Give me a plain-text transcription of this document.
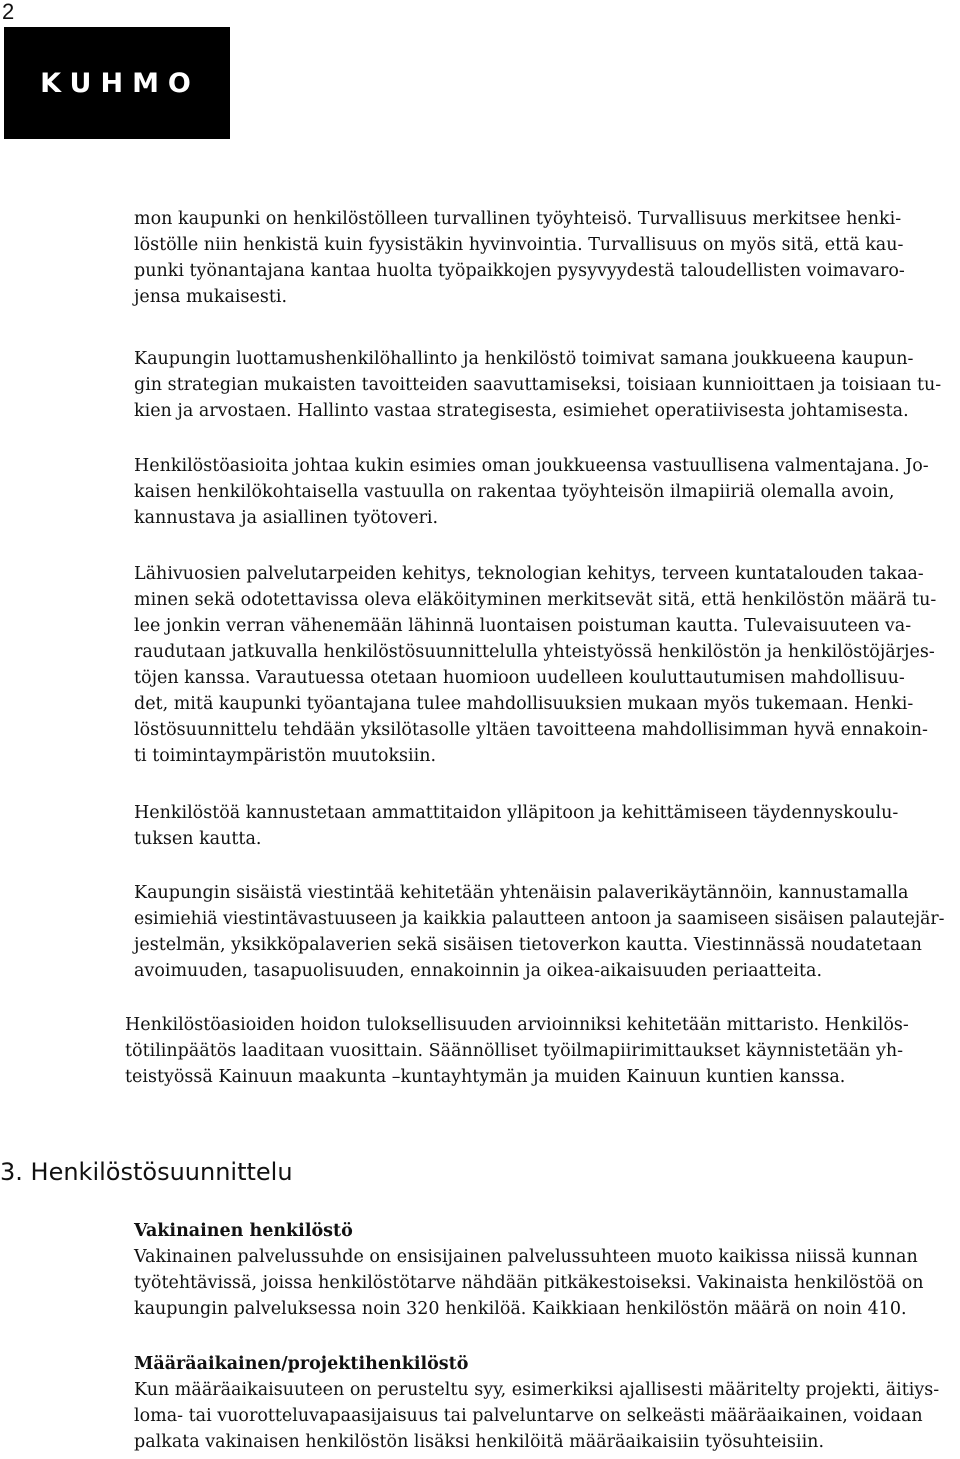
2
KUHMO

mon kaupunki on henkilöstölleen turvallinen työyhteisö. Turvallisuus merkitsee henki-
löstölle niin henkistä kuin fyysistäkin hyvinvointia. Turvallisuus on myös sitä, että kau-
punki työnantajana kantaa huolta työpaikkojen pysyvyydestä taloudellisten voimavaro-
jensa mukaisesti.

Kaupungin luottamushenkilöhallinto ja henkilöstö toimivat samana joukkueena kaupun-
gin strategian mukaisten tavoitteiden saavuttamiseksi, toisiaan kunnioittaen ja toisiaan tu-
kien ja arvostaen. Hallinto vastaa strategisesta, esimiehet operatiivisesta johtamisesta.

Henkilöstöasioita johtaa kukin esimies oman joukkueensa vastuullisena valmentajana. Jo-
kaisen henkilökohtaisella vastuulla on rakentaa työyhteisön ilmapiiriä olemalla avoin,
kannustava ja asiallinen työtoveri.

Lähivuosien palvelutarpeiden kehitys, teknologian kehitys, terveen kuntatalouden takaa-
minen sekä odotettavissa oleva eläköityminen merkitsevät sitä, että henkilöstön määrä tu-
lee jonkin verran vähenemään lähinnä luontaisen poistuman kautta. Tulevaisuuteen va-
raudutaan jatkuvalla henkilöstösuunnittelulla yhteistyössä henkilöstön ja henkilöstöjärjes-
töjen kanssa. Varautuessa otetaan huomioon uudelleen kouluttautumisen mahdollisuu-
det, mitä kaupunki työantajana tulee mahdollisuuksien mukaan myös tukemaan. Henki-
löstösuunnittelu tehdään yksilötasolle yltäen tavoitteena mahdollisimman hyvä ennakoin-
ti toimintaympäristön muutoksiin.

Henkilöstöä kannustetaan ammattitaidon ylläpitoon ja kehittämiseen täydennyskoulu-
tuksen kautta.

Kaupungin sisäistä viestintää kehitetään yhtenäisin palaverikäytännöin, kannustamalla
esimiehiä viestintävastuuseen ja kaikkia palautteen antoon ja saamiseen sisäisen palautejär-
jestelmän, yksikköpalaverien sekä sisäisen tietoverkon kautta. Viestinnässä noudatetaan
avoimuuden, tasapuolisuuden, ennakoinnin ja oikea-aikaisuuden periaatteita.

Henkilöstöasioiden hoidon tuloksellisuuden arvioinniksi kehitetään mittaristo. Henkilös-
tötilinpäätös laaditaan vuosittain. Säännölliset työilmapiirimittaukset käynnistetään yh-
teistyössä Kainuun maakunta –kuntayhtymän ja muiden Kainuun kuntien kanssa.

3. Henkilöstösuunnittelu

Vakinainen henkilöstö
Vakinainen palvelussuhde on ensisijainen palvelussuhteen muoto kaikissa niissä kunnan
työtehtävissä, joissa henkilöstötarve nähdään pitkäkestoiseksi. Vakinaista henkilöstöä on
kaupungin palveluksessa noin 320 henkilöä. Kaikkiaan henkilöstön määrä on noin 410.

Määräaikainen/projektihenkilöstö
Kun määräaikaisuuteen on perusteltu syy, esimerkiksi ajallisesti määritelty projekti, äitiys-
loma- tai vuorotteluvapaasijaisuus tai palveluntarve on selkeästi määräaikainen, voidaan
palkata vakinaisen henkilöstön lisäksi henkilöitä määräaikaisiin työsuhteisiin.
